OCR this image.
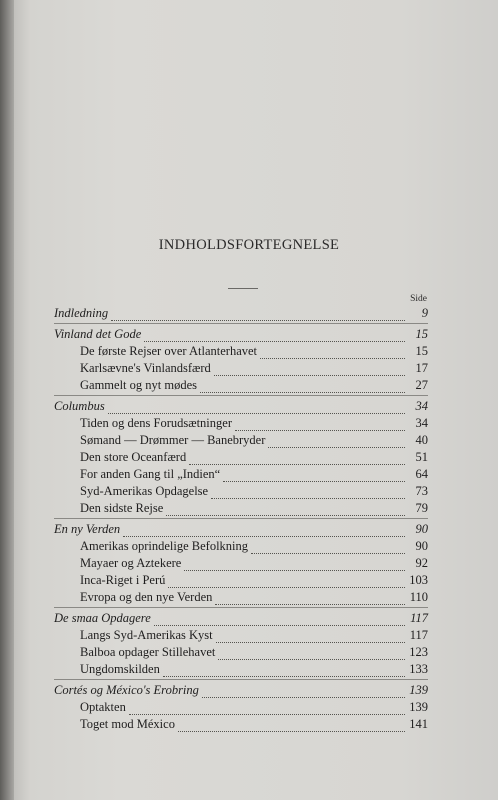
INDHOLDSFORTEGNELSE
Side
Indledning	9
Vinland det Gode	15
De første Rejser over Atlanterhavet	15
Karlsævne's Vinlandsfærd	17
Gammelt og nyt mødes	27
Columbus	34
Tiden og dens Forudsætninger	34
Sømand — Drømmer — Banebryder	40
Den store Oceanfærd	51
For anden Gang til „Indien“	64
Syd-Amerikas Opdagelse	73
Den sidste Rejse	79
En ny Verden	90
Amerikas oprindelige Befolkning	90
Mayaer og Aztekere	92
Inca-Riget i Perú	103
Evropa og den nye Verden	110
De smaa Opdagere	117
Langs Syd-Amerikas Kyst	117
Balboa opdager Stillehavet	123
Ungdomskilden	133
Cortés og México's Erobring	139
Optakten	139
Toget mod México	141
